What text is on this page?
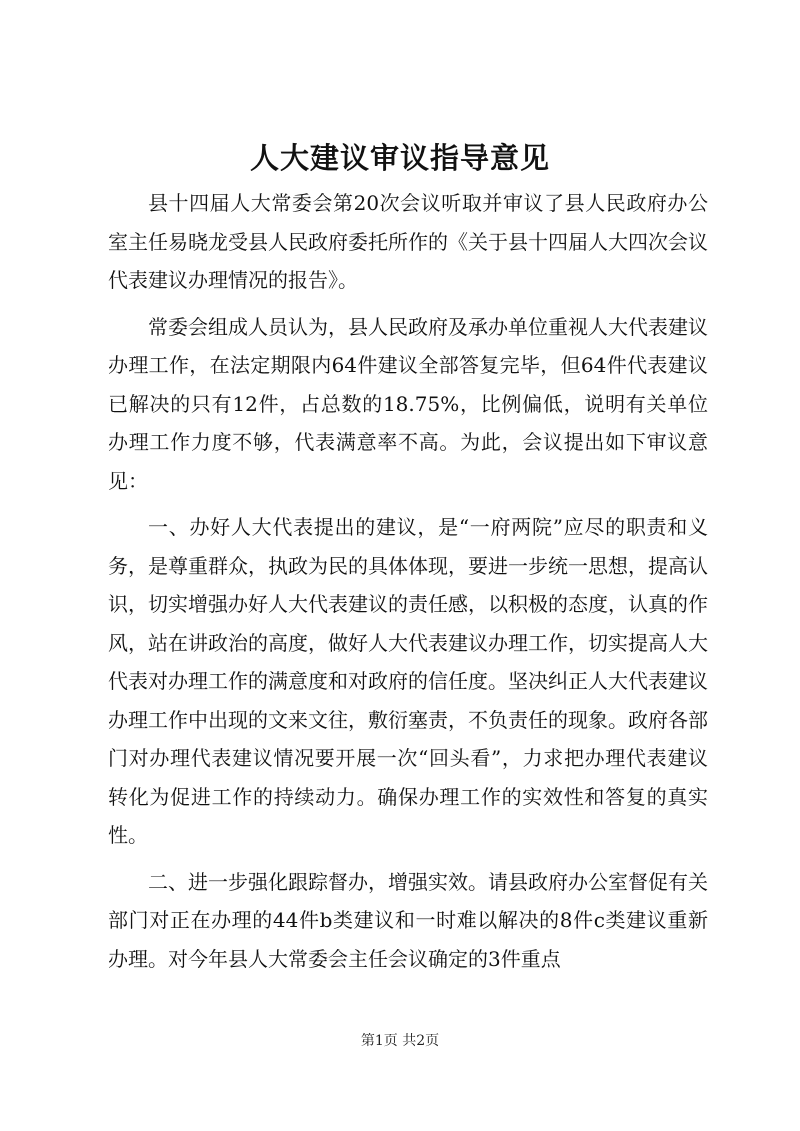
人大建议审议指导意见

县十四届人大常委会第20次会议听取并审议了县人民政府办公室主任易晓龙受县人民政府委托所作的《关于县十四届人大四次会议代表建议办理情况的报告》。

常委会组成人员认为，县人民政府及承办单位重视人大代表建议办理工作，在法定期限内64件建议全部答复完毕，但64件代表建议已解决的只有12件，占总数的18.75%，比例偏低，说明有关单位办理工作力度不够，代表满意率不高。为此，会议提出如下审议意见：

一、办好人大代表提出的建议，是“一府两院”应尽的职责和义务，是尊重群众，执政为民的具体体现，要进一步统一思想，提高认识，切实增强办好人大代表建议的责任感，以积极的态度，认真的作风，站在讲政治的高度，做好人大代表建议办理工作，切实提高人大代表对办理工作的满意度和对政府的信任度。坚决纠正人大代表建议办理工作中出现的文来文往，敷衍塞责，不负责任的现象。政府各部门对办理代表建议情况要开展一次“回头看”，力求把办理代表建议转化为促进工作的持续动力。确保办理工作的实效性和答复的真实性。

二、进一步强化跟踪督办，增强实效。请县政府办公室督促有关部门对正在办理的44件b类建议和一时难以解决的8件c类建议重新办理。对今年县人大常委会主任会议确定的3件重点

第1页 共2页
